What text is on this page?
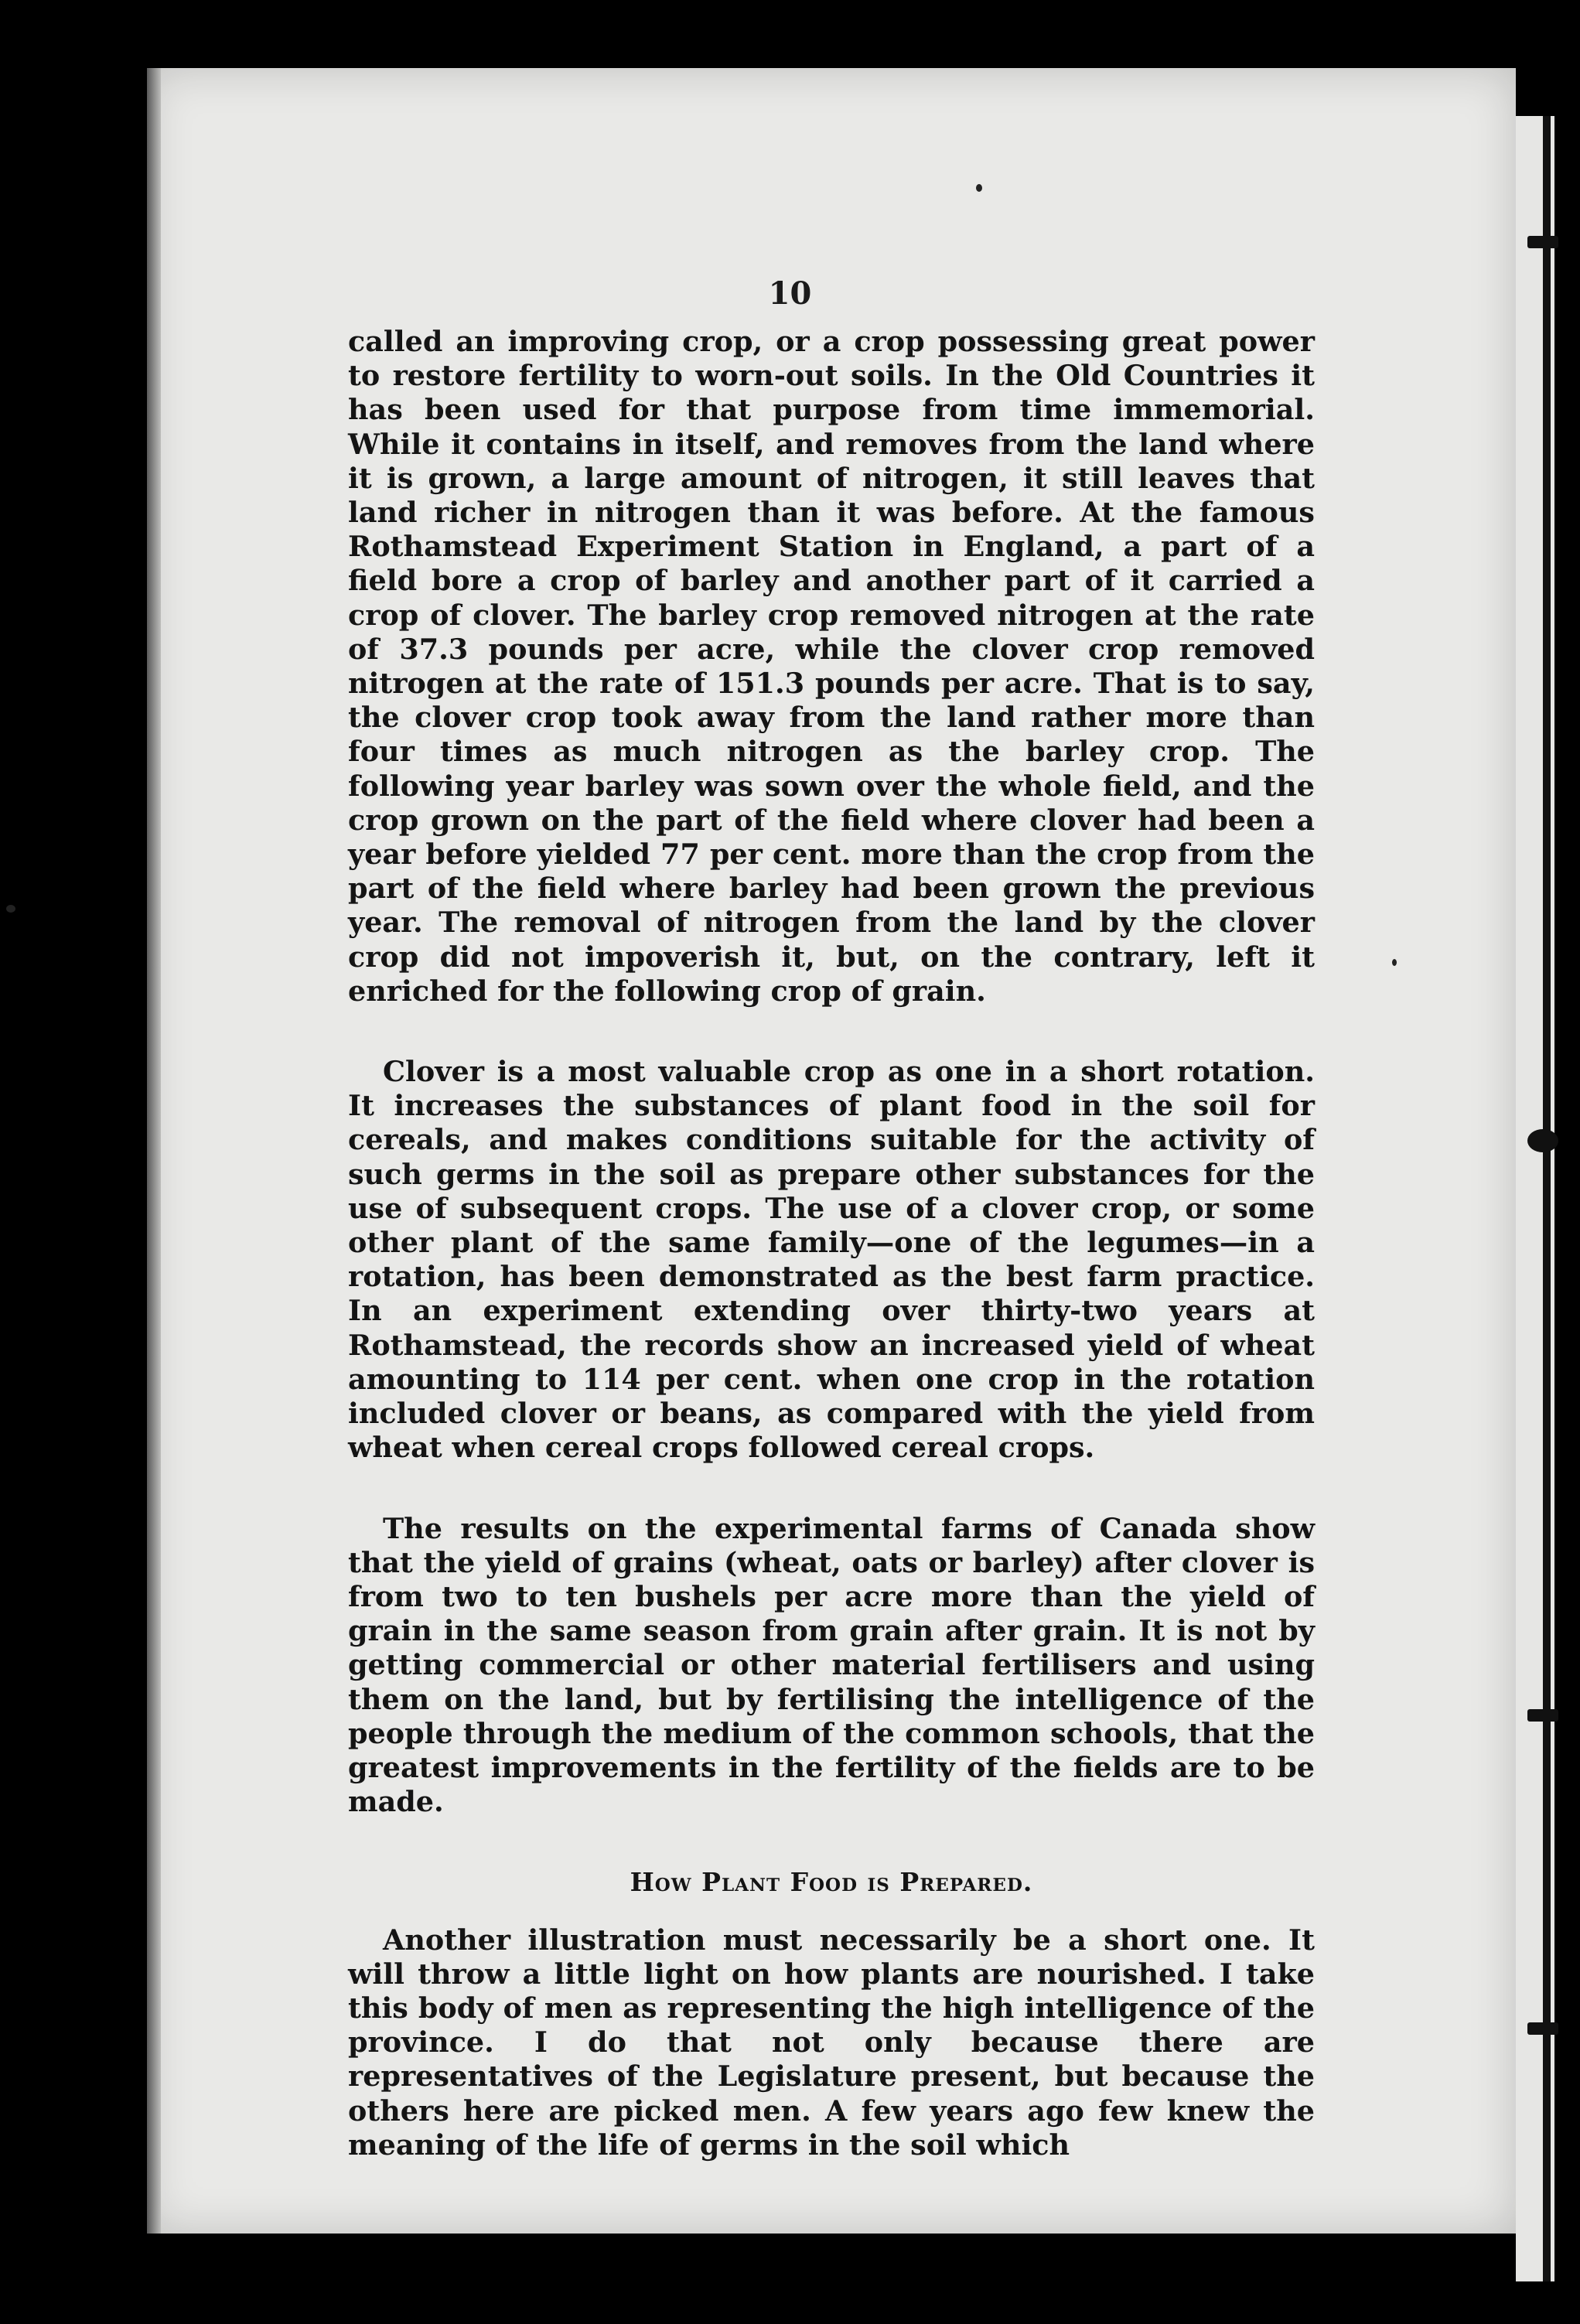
10

called an improving crop, or a crop possessing great power to restore fertility to worn-out soils. In the Old Countries it has been used for that purpose from time immemorial. While it contains in itself, and removes from the land where it is grown, a large amount of nitrogen, it still leaves that land richer in nitrogen than it was before. At the famous Rothamstead Experiment Station in England, a part of a field bore a crop of barley and another part of it carried a crop of clover. The barley crop removed nitrogen at the rate of 37.3 pounds per acre, while the clover crop removed nitrogen at the rate of 151.3 pounds per acre. That is to say, the clover crop took away from the land rather more than four times as much nitrogen as the barley crop. The following year barley was sown over the whole field, and the crop grown on the part of the field where clover had been a year before yielded 77 per cent. more than the crop from the part of the field where barley had been grown the previous year. The removal of nitrogen from the land by the clover crop did not impoverish it, but, on the contrary, left it enriched for the following crop of grain.

Clover is a most valuable crop as one in a short rotation. It increases the substances of plant food in the soil for cereals, and makes conditions suitable for the activity of such germs in the soil as prepare other substances for the use of subsequent crops. The use of a clover crop, or some other plant of the same family—one of the legumes—in a rotation, has been demonstrated as the best farm practice. In an experiment extending over thirty-two years at Rothamstead, the records show an increased yield of wheat amounting to 114 per cent. when one crop in the rotation included clover or beans, as compared with the yield from wheat when cereal crops followed cereal crops.

The results on the experimental farms of Canada show that the yield of grains (wheat, oats or barley) after clover is from two to ten bushels per acre more than the yield of grain in the same season from grain after grain. It is not by getting commercial or other material fertilisers and using them on the land, but by fertilising the intelligence of the people through the medium of the common schools, that the greatest improvements in the fertility of the fields are to be made.

How Plant Food is Prepared.

Another illustration must necessarily be a short one. It will throw a little light on how plants are nourished. I take this body of men as representing the high intelligence of the province. I do that not only because there are representatives of the Legislature present, but because the others here are picked men. A few years ago few knew the meaning of the life of germs in the soil which
